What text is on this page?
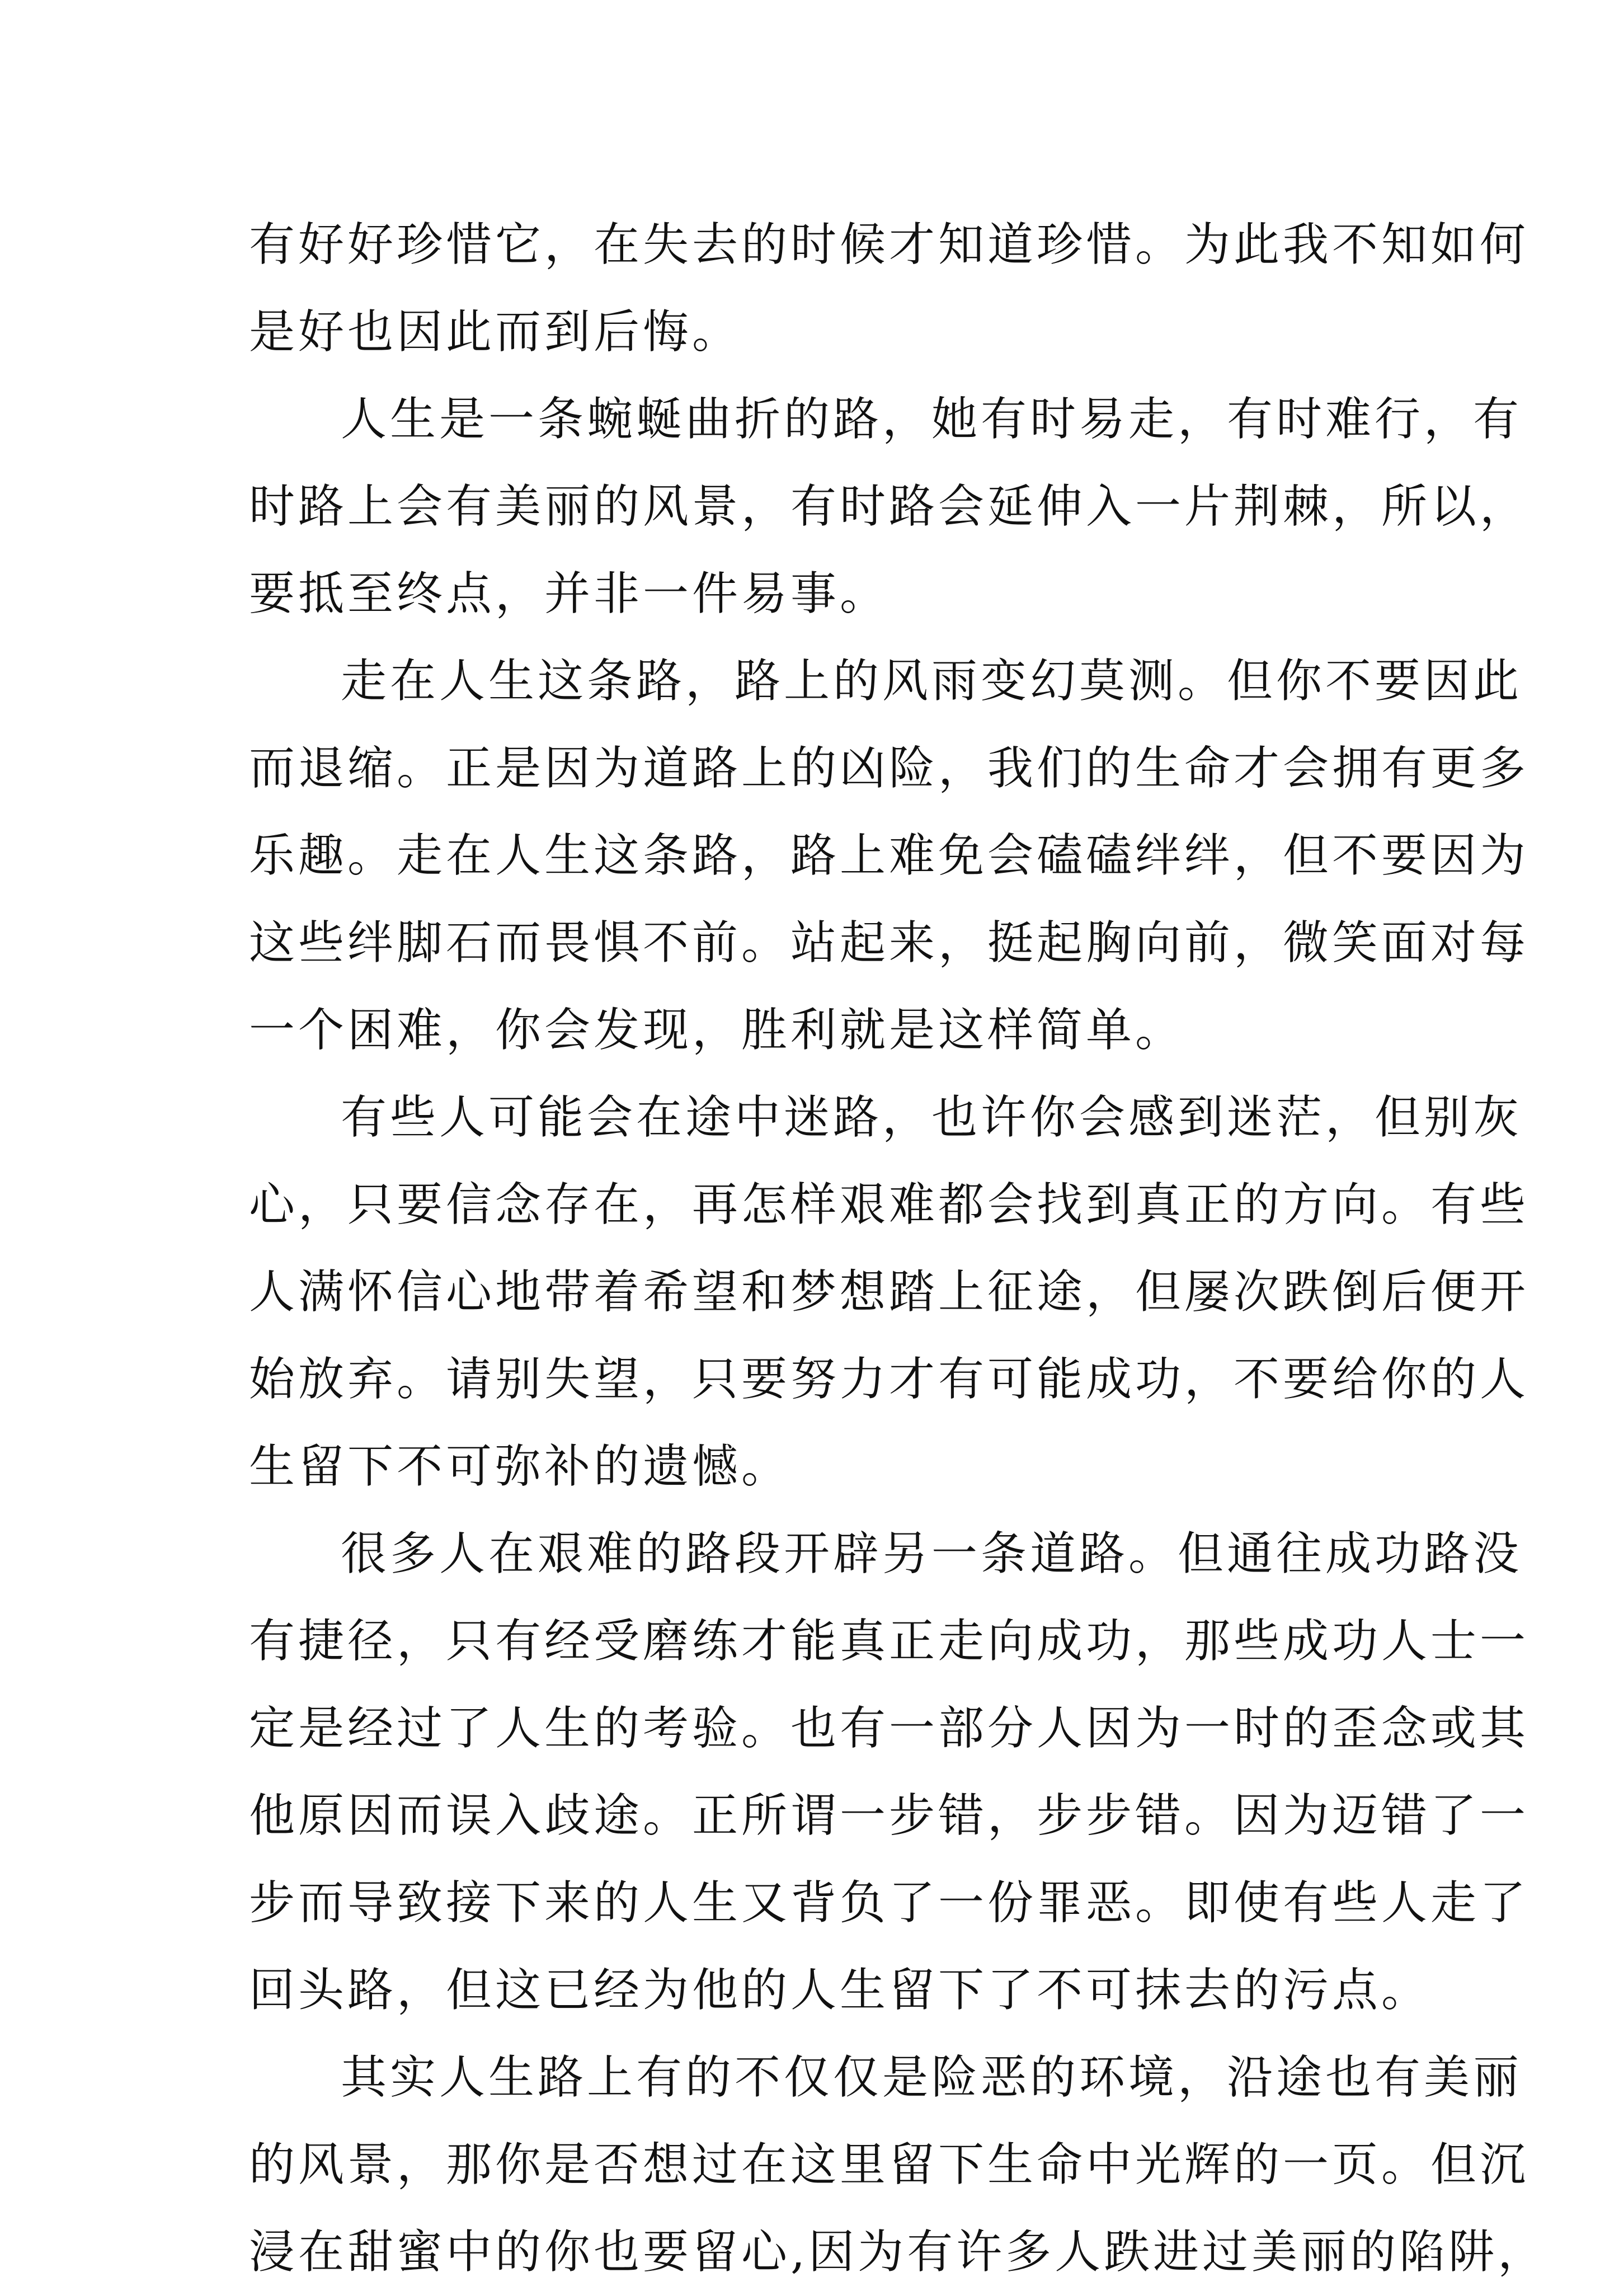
有好好珍惜它，在失去的时候才知道珍惜。为此我不知如何
是好也因此而到后悔。
人生是一条蜿蜒曲折的路，她有时易走，有时难行，有
时路上会有美丽的风景，有时路会延伸入一片荆棘，所以，
要抵至终点，并非一件易事。
走在人生这条路，路上的风雨变幻莫测。但你不要因此
而退缩。正是因为道路上的凶险，我们的生命才会拥有更多
乐趣。走在人生这条路，路上难免会磕磕绊绊，但不要因为
这些绊脚石而畏惧不前。站起来，挺起胸向前，微笑面对每
一个困难，你会发现，胜利就是这样简单。
有些人可能会在途中迷路，也许你会感到迷茫，但别灰
心，只要信念存在，再怎样艰难都会找到真正的方向。有些
人满怀信心地带着希望和梦想踏上征途，但屡次跌倒后便开
始放弃。请别失望，只要努力才有可能成功，不要给你的人
生留下不可弥补的遗憾。
很多人在艰难的路段开辟另一条道路。但通往成功路没
有捷径，只有经受磨练才能真正走向成功，那些成功人士一
定是经过了人生的考验。也有一部分人因为一时的歪念或其
他原因而误入歧途。正所谓一步错，步步错。因为迈错了一
步而导致接下来的人生又背负了一份罪恶。即使有些人走了
回头路，但这已经为他的人生留下了不可抹去的污点。
其实人生路上有的不仅仅是险恶的环境，沿途也有美丽
的风景，那你是否想过在这里留下生命中光辉的一页。但沉
浸在甜蜜中的你也要留心,因为有许多人跌进过美丽的陷阱，
